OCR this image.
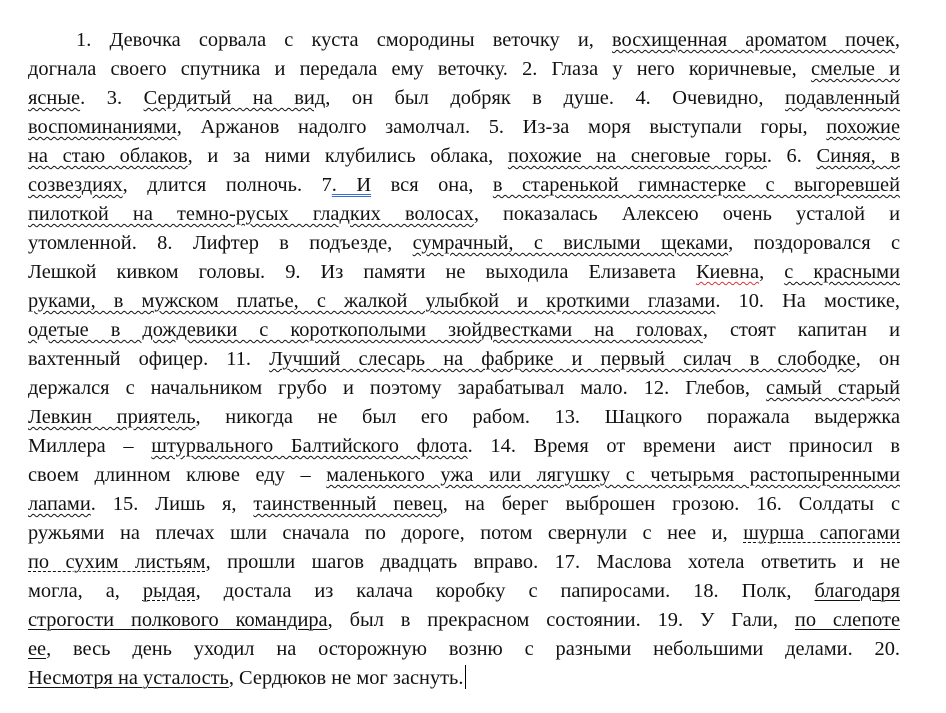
1. Девочка сорвала с куста смородины веточку и, восхищенная ароматом почек,
догнала своего спутника и передала ему веточку. 2. Глаза у него коричневые, смелые и
ясные. 3. Сердитый на вид, он был добряк в душе. 4. Очевидно, подавленный
воспоминаниями, Аржанов надолго замолчал. 5. Из-за моря выступали горы, похожие
на стаю облаков, и за ними клубились облака, похожие на снеговые горы. 6. Синяя, в
созвездиях, длится полночь. 7. И вся она, в старенькой гимнастерке с выгоревшей
пилоткой на темно-русых гладких волосах, показалась Алексею очень усталой и
утомленной. 8. Лифтер в подъезде, сумрачный, с вислыми щеками, поздоровался с
Лешкой кивком головы. 9. Из памяти не выходила Елизавета Киевна, с красными
руками, в мужском платье, с жалкой улыбкой и кроткими глазами. 10. На мостике,
одетые в дождевики с короткополыми зюйдвестками на головах, стоят капитан и
вахтенный офицер. 11. Лучший слесарь на фабрике и первый силач в слободке, он
держался с начальником грубо и поэтому зарабатывал мало. 12. Глебов, самый старый
Левкин приятель, никогда не был его рабом. 13. Шацкого поражала выдержка
Миллера – штурвального Балтийского флота. 14. Время от времени аист приносил в
своем длинном клюве еду – маленького ужа или лягушку с четырьмя растопыренными
лапами. 15. Лишь я, таинственный певец, на берег выброшен грозою. 16. Солдаты с
ружьями на плечах шли сначала по дороге, потом свернули с нее и, шурша сапогами
по сухим листьям, прошли шагов двадцать вправо. 17. Маслова хотела ответить и не
могла, а, рыдая, достала из калача коробку с папиросами. 18. Полк, благодаря
строгости полкового командира, был в прекрасном состоянии. 19. У Гали, по слепоте
ее, весь день уходил на осторожную возню с разными небольшими делами. 20.
Несмотря на усталость, Сердюков не мог заснуть.
